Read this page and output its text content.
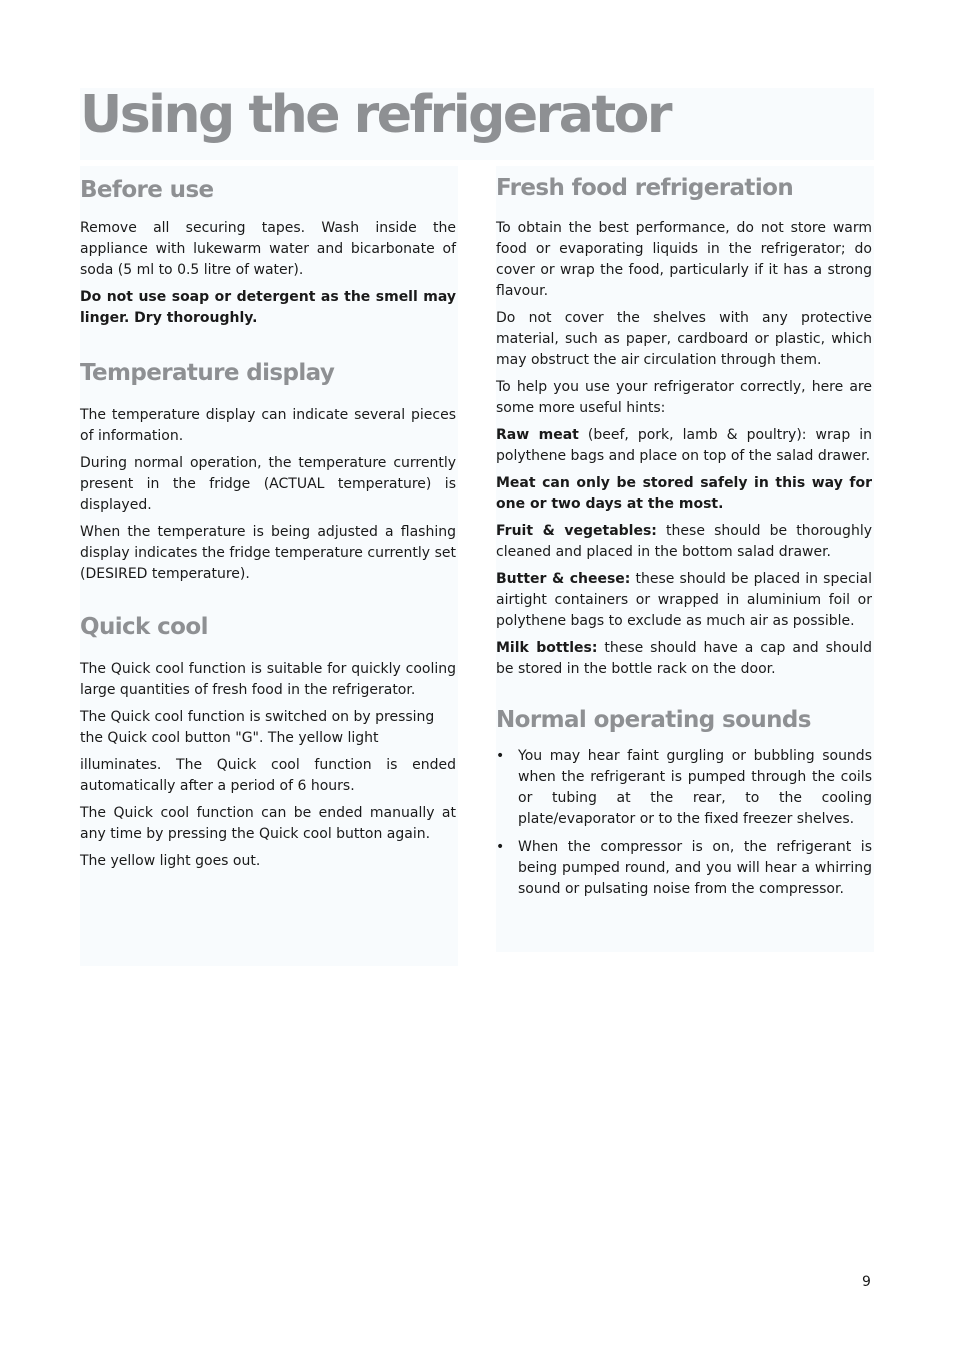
Using the refrigerator
Before use

Remove all securing tapes. Wash inside the appliance with lukewarm water and bicarbonate of soda (5 ml to 0.5 litre of water).

Do not use soap or detergent as the smell may linger. Dry thoroughly.

Temperature display

The temperature display can indicate several pieces of information.

During normal operation, the temperature currently present in the fridge (ACTUAL temperature) is displayed.

When the temperature is being adjusted a flashing display indicates the fridge temperature currently set (DESIRED temperature).

Quick cool

The Quick cool function is suitable for quickly cooling large quantities of fresh food in the refrigerator.

The Quick cool function is switched on by pressing the Quick cool button "G". The yellow light

illuminates. The Quick cool function is ended automatically after a period of 6 hours.

The Quick cool function can be ended manually at any time by pressing the Quick cool button again.

The yellow light goes out.

Fresh food refrigeration

To obtain the best performance, do not store warm food or evaporating liquids in the refrigerator; do cover or wrap the food, particularly if it has a strong flavour.

Do not cover the shelves with any protective material, such as paper, cardboard or plastic, which may obstruct the air circulation through them.

To help you use your refrigerator correctly, here are some more useful hints:

Raw meat (beef, pork, lamb & poultry): wrap in polythene bags and place on top of the salad drawer.

Meat can only be stored safely in this way for one or two days at the most.

Fruit & vegetables: these should be thoroughly cleaned and placed in the bottom salad drawer.

Butter & cheese: these should be placed in special airtight containers or wrapped in aluminium foil or polythene bags to exclude as much air as possible.

Milk bottles: these should have a cap and should be stored in the bottle rack on the door.

Normal operating sounds
• You may hear faint gurgling or bubbling sounds when the refrigerant is pumped through the coils or tubing at the rear, to the cooling plate/evaporator or to the fixed freezer shelves.
• When the compressor is on, the refrigerant is being pumped round, and you will hear a whirring sound or pulsating noise from the compressor.
9
